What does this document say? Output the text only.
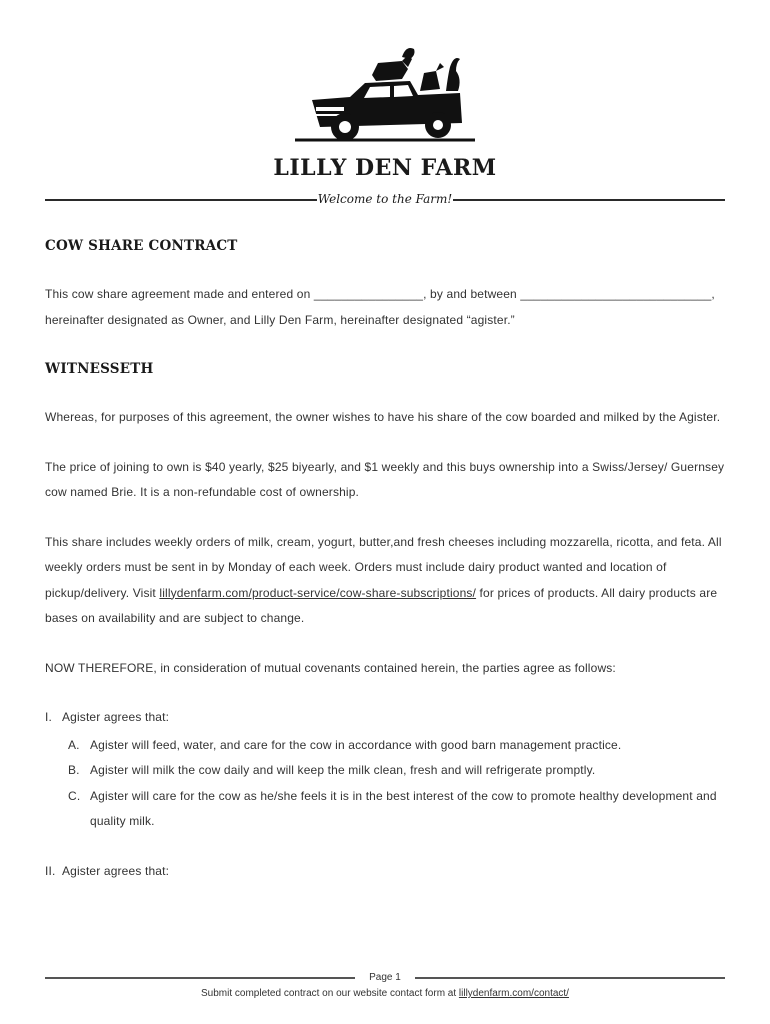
LILLY DEN FARM
Welcome to the Farm!
COW SHARE CONTRACT
This cow share agreement made and entered on ________________, by and between ____________________________,
hereinafter designated as Owner, and Lilly Den Farm, hereinafter designated “agister.”
WITNESSETH
Whereas, for purposes of this agreement, the owner wishes to have his share of the cow boarded and milked by the Agister.
The price of joining to own is $40 yearly, $25 biyearly, and $1 weekly and this buys ownership into a Swiss/Jersey/ Guernsey cow named Brie. It is a non-refundable cost of ownership.
This share includes weekly orders of milk, cream, yogurt, butter,and fresh cheeses including mozzarella, ricotta, and feta. All weekly orders must be sent in by Monday of each week. Orders must include dairy product wanted and location of pickup/delivery. Visit lillydenfarm.com/product-service/cow-share-subscriptions/ for prices of products. All dairy products are bases on availability and are subject to change.
NOW THEREFORE, in consideration of mutual covenants contained herein, the parties agree as follows:
I. Agister agrees that:
A. Agister will feed, water, and care for the cow in accordance with good barn management practice.
B. Agister will milk the cow daily and will keep the milk clean, fresh and will refrigerate promptly.
C. Agister will care for the cow as he/she feels it is in the best interest of the cow to promote healthy development and quality milk.
II. Agister agrees that:
Page 1
Submit completed contract on our website contact form at lillydenfarm.com/contact/
